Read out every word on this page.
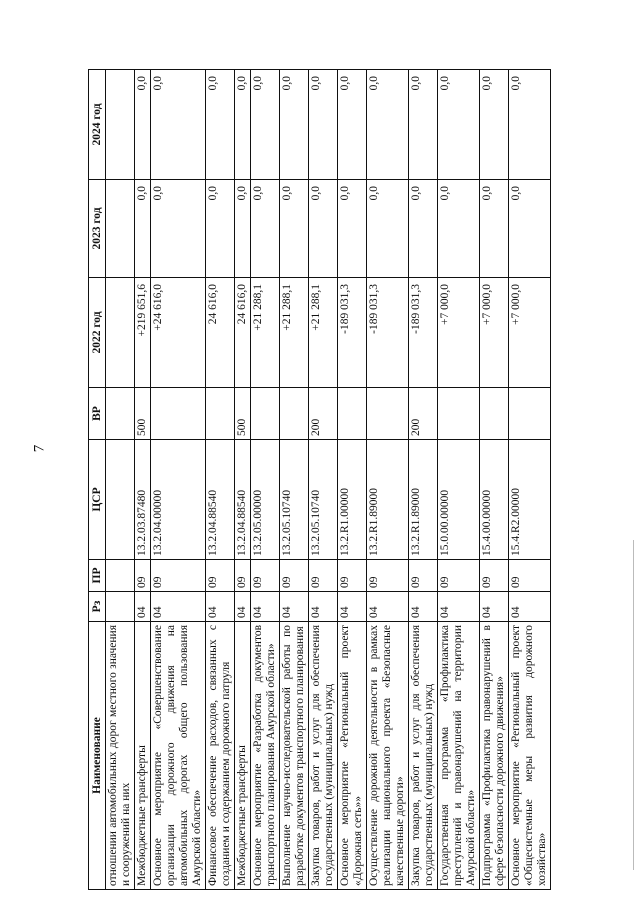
7
Наименование	Рз	ПР	ЦСР	ВР	2022 год	2023 год	2024 год
отношении автомобильных дорог местного значения и сооружений на них							
Межбюджетные трансферты	04	09	13.2.03.87480	500	+219 651,6	0,0	0,0
Основное мероприятие «Совершенствование организации дорожного движения на автомобильных дорогах общего пользования Амурской области»	04	09	13.2.04.00000		+24 616,0	0,0	0,0
Финансовое обеспечение расходов, связанных с созданием и содержанием дорожного патруля	04	09	13.2.04.88540		24 616,0	0,0	0,0
Межбюджетные трансферты	04	09	13.2.04.88540	500	24 616,0	0,0	0,0
Основное мероприятие «Разработка документов транспортного планирования Амурской области»	04	09	13.2.05.00000		+21 288,1	0,0	0,0
Выполнение научно-исследовательской работы по разработке документов транспортного планирования	04	09	13.2.05.10740		+21 288,1	0,0	0,0
Закупка товаров, работ и услуг для обеспечения государственных (муниципальных) нужд	04	09	13.2.05.10740	200	+21 288,1	0,0	0,0
Основное мероприятие «Региональный проект «Дорожная сеть»»	04	09	13.2.R1.00000		-189 031,3	0,0	0,0
Осуществление дорожной деятельности в рамках реализации национального проекта «Безопасные качественные дороги»	04	09	13.2.R1.89000		-189 031,3	0,0	0,0
Закупка товаров, работ и услуг для обеспечения государственных (муниципальных) нужд	04	09	13.2.R1.89000	200	-189 031,3	0,0	0,0
Государственная программа «Профилактика преступлений и правонарушений на территории Амурской области»	04	09	15.0.00.00000		+7 000,0	0,0	0,0
Подпрограмма «Профилактика правонарушений в сфере безопасности дорожного движения»	04	09	15.4.00.00000		+7 000,0	0,0	0,0
Основное мероприятие «Региональный проект «Общесистемные меры развития дорожного хозяйства»	04	09	15.4.R2.00000		+7 000,0	0,0	0,0
